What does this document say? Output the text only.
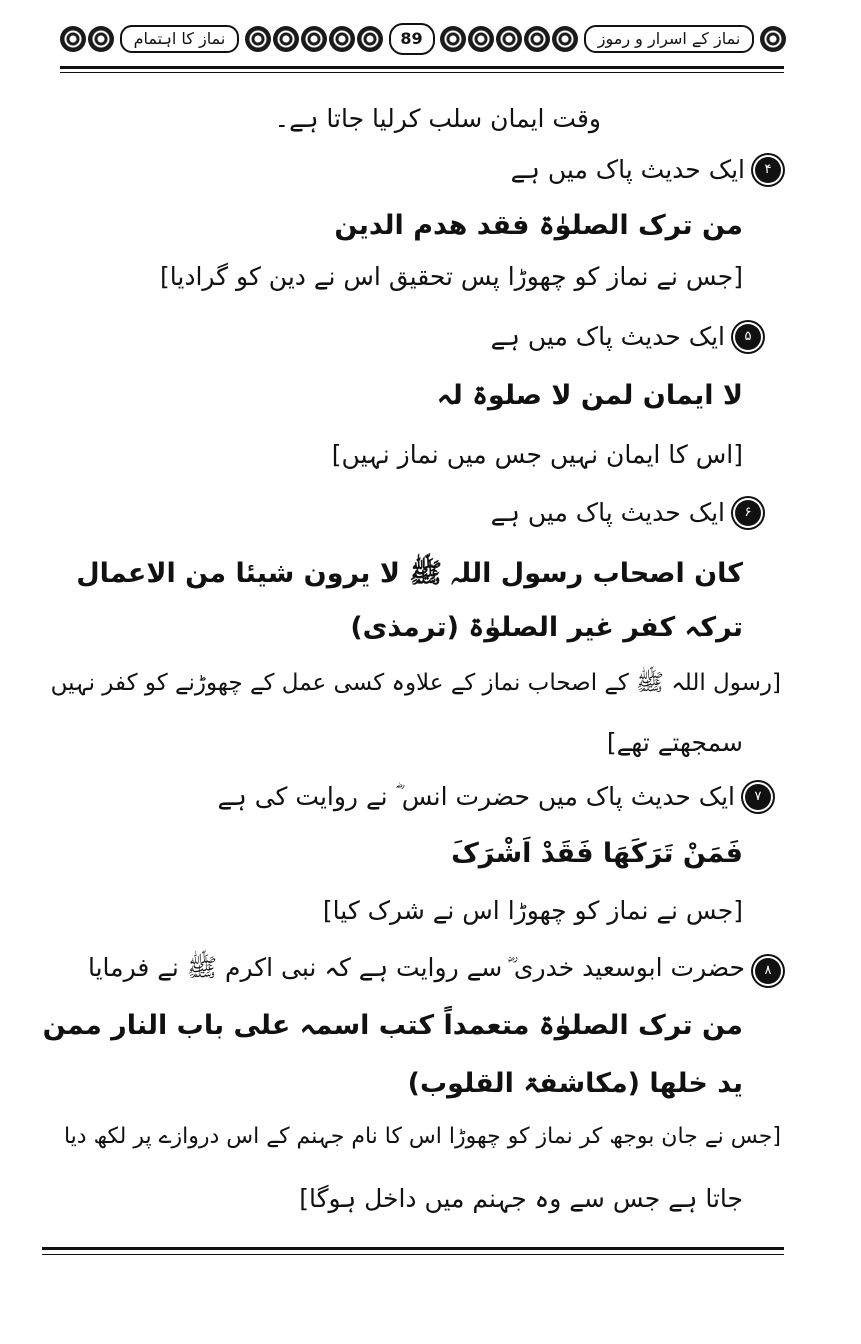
نماز کا اہتمام	89	نماز کے اسرار و رموز
وقت ایمان سلب کرلیا جاتا ہے۔
۴
ایک حدیث پاک میں ہے
من ترک الصلوٰۃ فقد ھدم الدین
[جس نے نماز کو چھوڑا پس تحقیق اس نے دین کو گرادیا]
۵
ایک حدیث پاک میں ہے
لا ایمان لمن لا صلوۃ لہ
[اس کا ایمان نہیں جس میں نماز نہیں]
۶
ایک حدیث پاک میں ہے
کان اصحاب رسول اللہ ﷺ لا یرون شیئا من الاعمال
ترکہ کفر غیر الصلوٰۃ (ترمذی)
[رسول اللہ ﷺ کے اصحاب نماز کے علاوہ کسی عمل کے چھوڑنے کو کفر نہیں
سمجھتے تھے]
۷
ایک حدیث پاک میں حضرت انس ؓ نے روایت کی ہے
فَمَنْ تَرَکَھَا فَقَدْ اَشْرَکَ
[جس نے نماز کو چھوڑا اس نے شرک کیا]
۸
حضرت ابوسعید خدری ؓ سے روایت ہے کہ نبی اکرم ﷺ نے فرمایا
من ترک الصلوٰۃ متعمداً کتب اسمہ علی باب النار ممن
ید خلھا (مکاشفۃ القلوب)
[جس نے جان بوجھ کر نماز کو چھوڑا اس کا نام جہنم کے اس دروازے پر لکھ دیا
جاتا ہے جس سے وہ جہنم میں داخل ہوگا]
